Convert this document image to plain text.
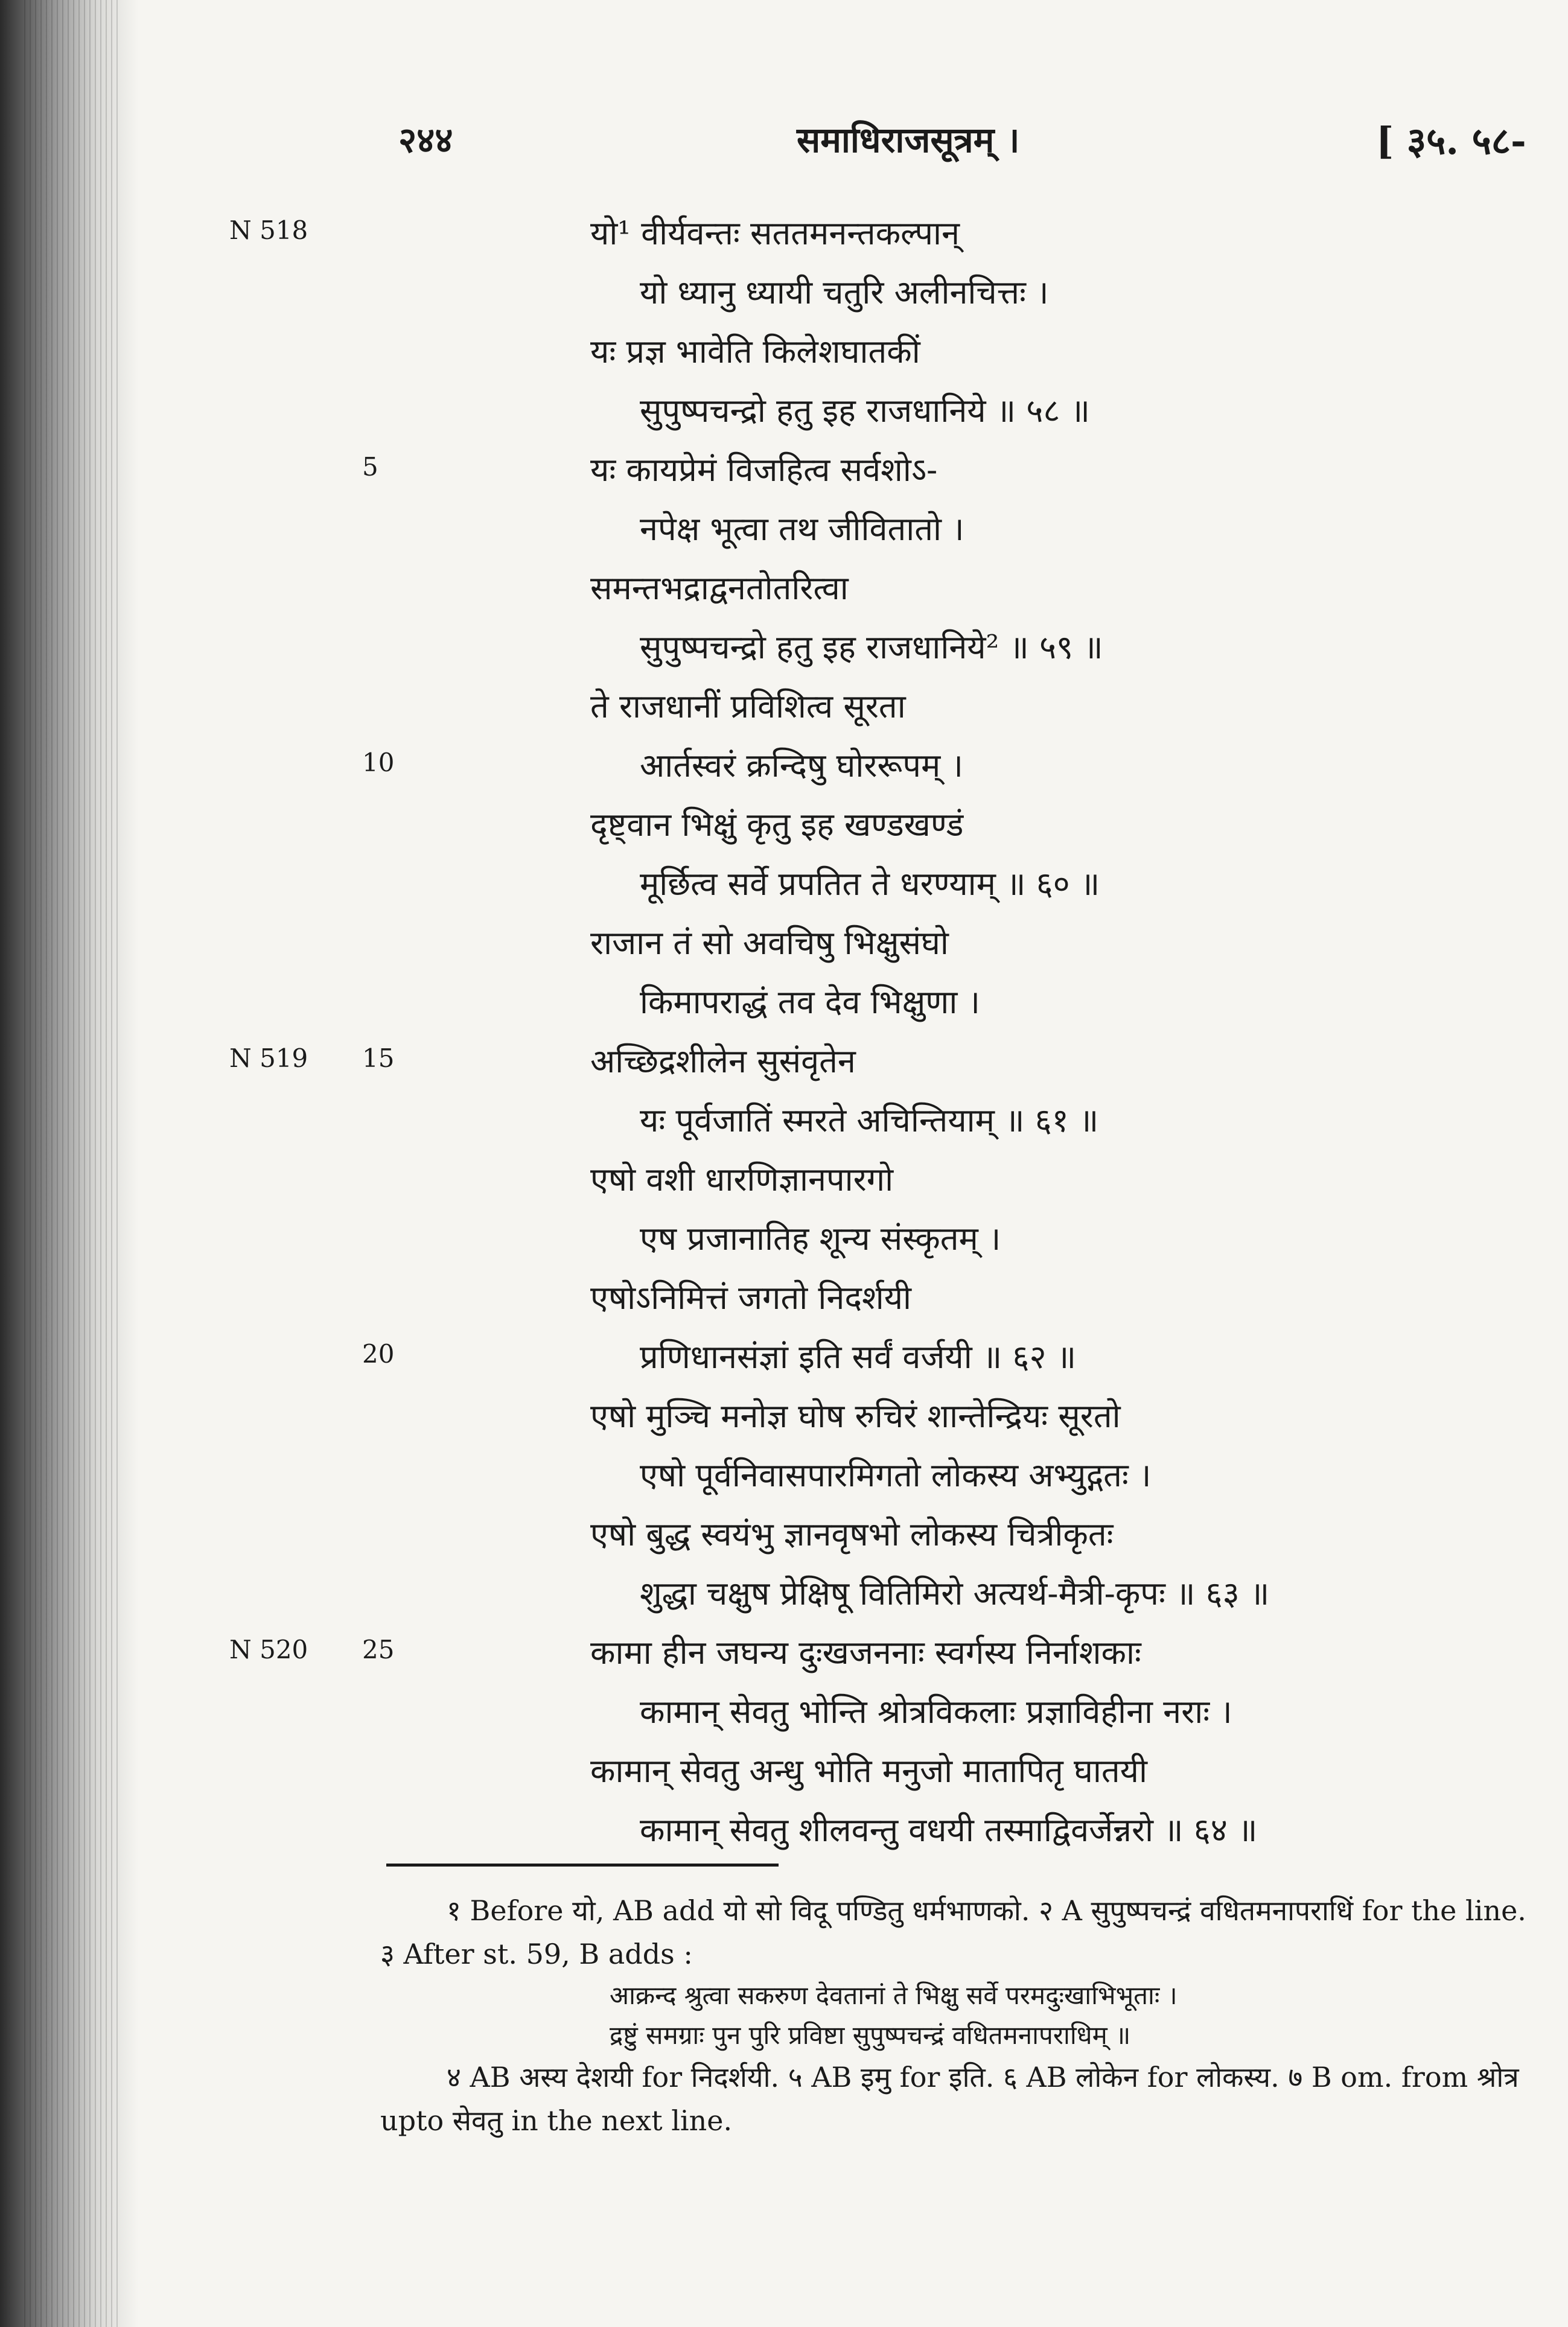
२४४	समाधिराजसूत्रम् ।	[ ३५. ५८-
N 518	यो¹ वीर्यवन्तः सततमनन्तकल्पान्
यो ध्यानु ध्यायी चतुरि अलीनचित्तः ।
यः प्रज्ञ भावेति किलेशघातकीं
सुपुष्पचन्द्रो हतु इह राजधानिये ॥ ५८ ॥
5	यः कायप्रेमं विजहित्व सर्वशोऽ-
नपेक्ष भूत्वा तथ जीवितातो ।
समन्तभद्राद्वनतोतरित्वा
सुपुष्पचन्द्रो हतु इह राजधानिये² ॥ ५९ ॥
ते राजधानीं प्रविशित्व सूरता
10	आर्तस्वरं क्रन्दिषु घोररूपम् ।
दृष्ट्वान भिक्षुं कृतु इह खण्डखण्डं
मूर्छित्व सर्वे प्रपतित ते धरण्याम् ॥ ६० ॥
राजान तं सो अवचिषु भिक्षुसंघो
किमापराद्धं तव देव भिक्षुणा ।
N 519	15	अच्छिद्रशीलेन सुसंवृतेन
यः पूर्वजातिं स्मरते अचिन्तियाम् ॥ ६१ ॥
एषो वशी धारणिज्ञानपारगो
एष प्रजानातिह शून्य संस्कृतम् ।
एषोऽनिमित्तं जगतो निदर्शयी
20	प्रणिधानसंज्ञां इति सर्वं वर्जयी ॥ ६२ ॥
एषो मुञ्चि मनोज्ञ घोष रुचिरं शान्तेन्द्रियः सूरतो
एषो पूर्वनिवासपारमिगतो लोकस्य अभ्युद्गतः ।
एषो बुद्ध स्वयंभु ज्ञानवृषभो लोकस्य चित्रीकृतः
शुद्धा चक्षुष प्रेक्षिषू वितिमिरो अत्यर्थ-मैत्री-कृपः ॥ ६३ ॥
N 520	25	कामा हीन जघन्य दुःखजननाः स्वर्गस्य निर्नाशकाः
कामान् सेवतु भोन्ति श्रोत्रविकलाः प्रज्ञाविहीना नराः ।
कामान् सेवतु अन्धु भोति मनुजो मातापितृ घातयी
कामान् सेवतु शीलवन्तु वधयी तस्माद्विवर्जेन्नरो ॥ ६४ ॥

१ Before यो, AB add यो सो विदू पण्डितु धर्मभाणको. २ A सुपुष्पचन्द्रं वधितमनापराधिं for the line. ३ After st. 59, B adds :

आक्रन्द श्रुत्वा सकरुण देवतानां ते भिक्षु सर्वे परमदुःखाभिभूताः ।

द्रष्टुं समग्राः पुन पुरि प्रविष्टा सुपुष्पचन्द्रं वधितमनापराधिम् ॥

४ AB अस्य देशयी for निदर्शयी. ५ AB इमु for इति. ६ AB लोकेन for लोकस्य. ७ B om. from श्रोत्र upto सेवतु in the next line.
